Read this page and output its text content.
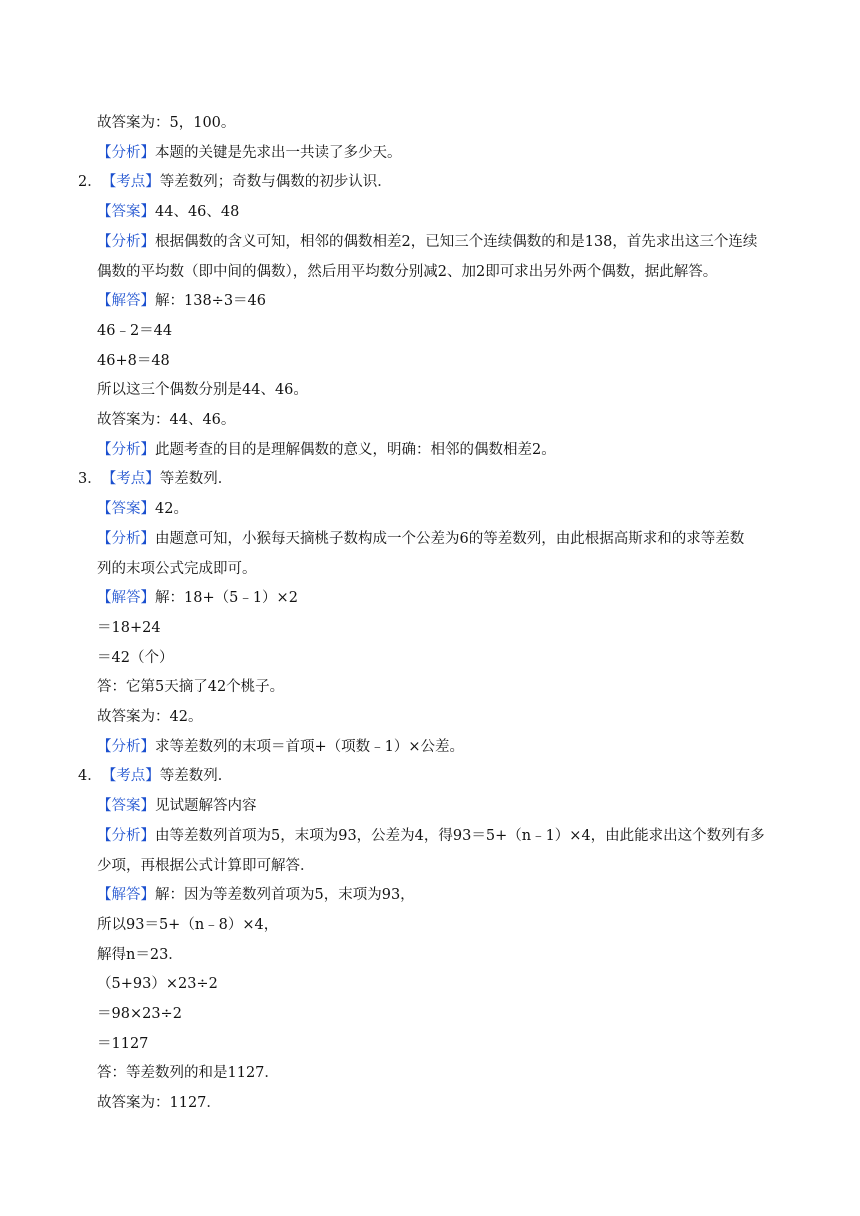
故答案为：5，100。
【分析】本题的关键是先求出一共读了多少天。
2．【考点】等差数列；奇数与偶数的初步认识．
【答案】44、46、48
【分析】根据偶数的含义可知，相邻的偶数相差2，已知三个连续偶数的和是138，首先求出这三个连续
偶数的平均数（即中间的偶数），然后用平均数分别减2、加2即可求出另外两个偶数，据此解答。
【解答】解：138÷3＝46
46﹣2＝44
46+8＝48
所以这三个偶数分别是44、46。
故答案为：44、46。
【分析】此题考查的目的是理解偶数的意义，明确：相邻的偶数相差2。
3．【考点】等差数列．
【答案】42。
【分析】由题意可知，小猴每天摘桃子数构成一个公差为6的等差数列，由此根据高斯求和的求等差数
列的末项公式完成即可。
【解答】解：18+（5﹣1）×2
＝18+24
＝42（个）
答：它第5天摘了42个桃子。
故答案为：42。
【分析】求等差数列的末项＝首项+（项数﹣1）×公差。
4．【考点】等差数列．
【答案】见试题解答内容
【分析】由等差数列首项为5，末项为93，公差为4，得93＝5+（n﹣1）×4，由此能求出这个数列有多
少项，再根据公式计算即可解答．
【解答】解：因为等差数列首项为5，末项为93，
所以93＝5+（n﹣8）×4，
解得n＝23．
（5+93）×23÷2
＝98×23÷2
＝1127
答：等差数列的和是1127．
故答案为：1127．
